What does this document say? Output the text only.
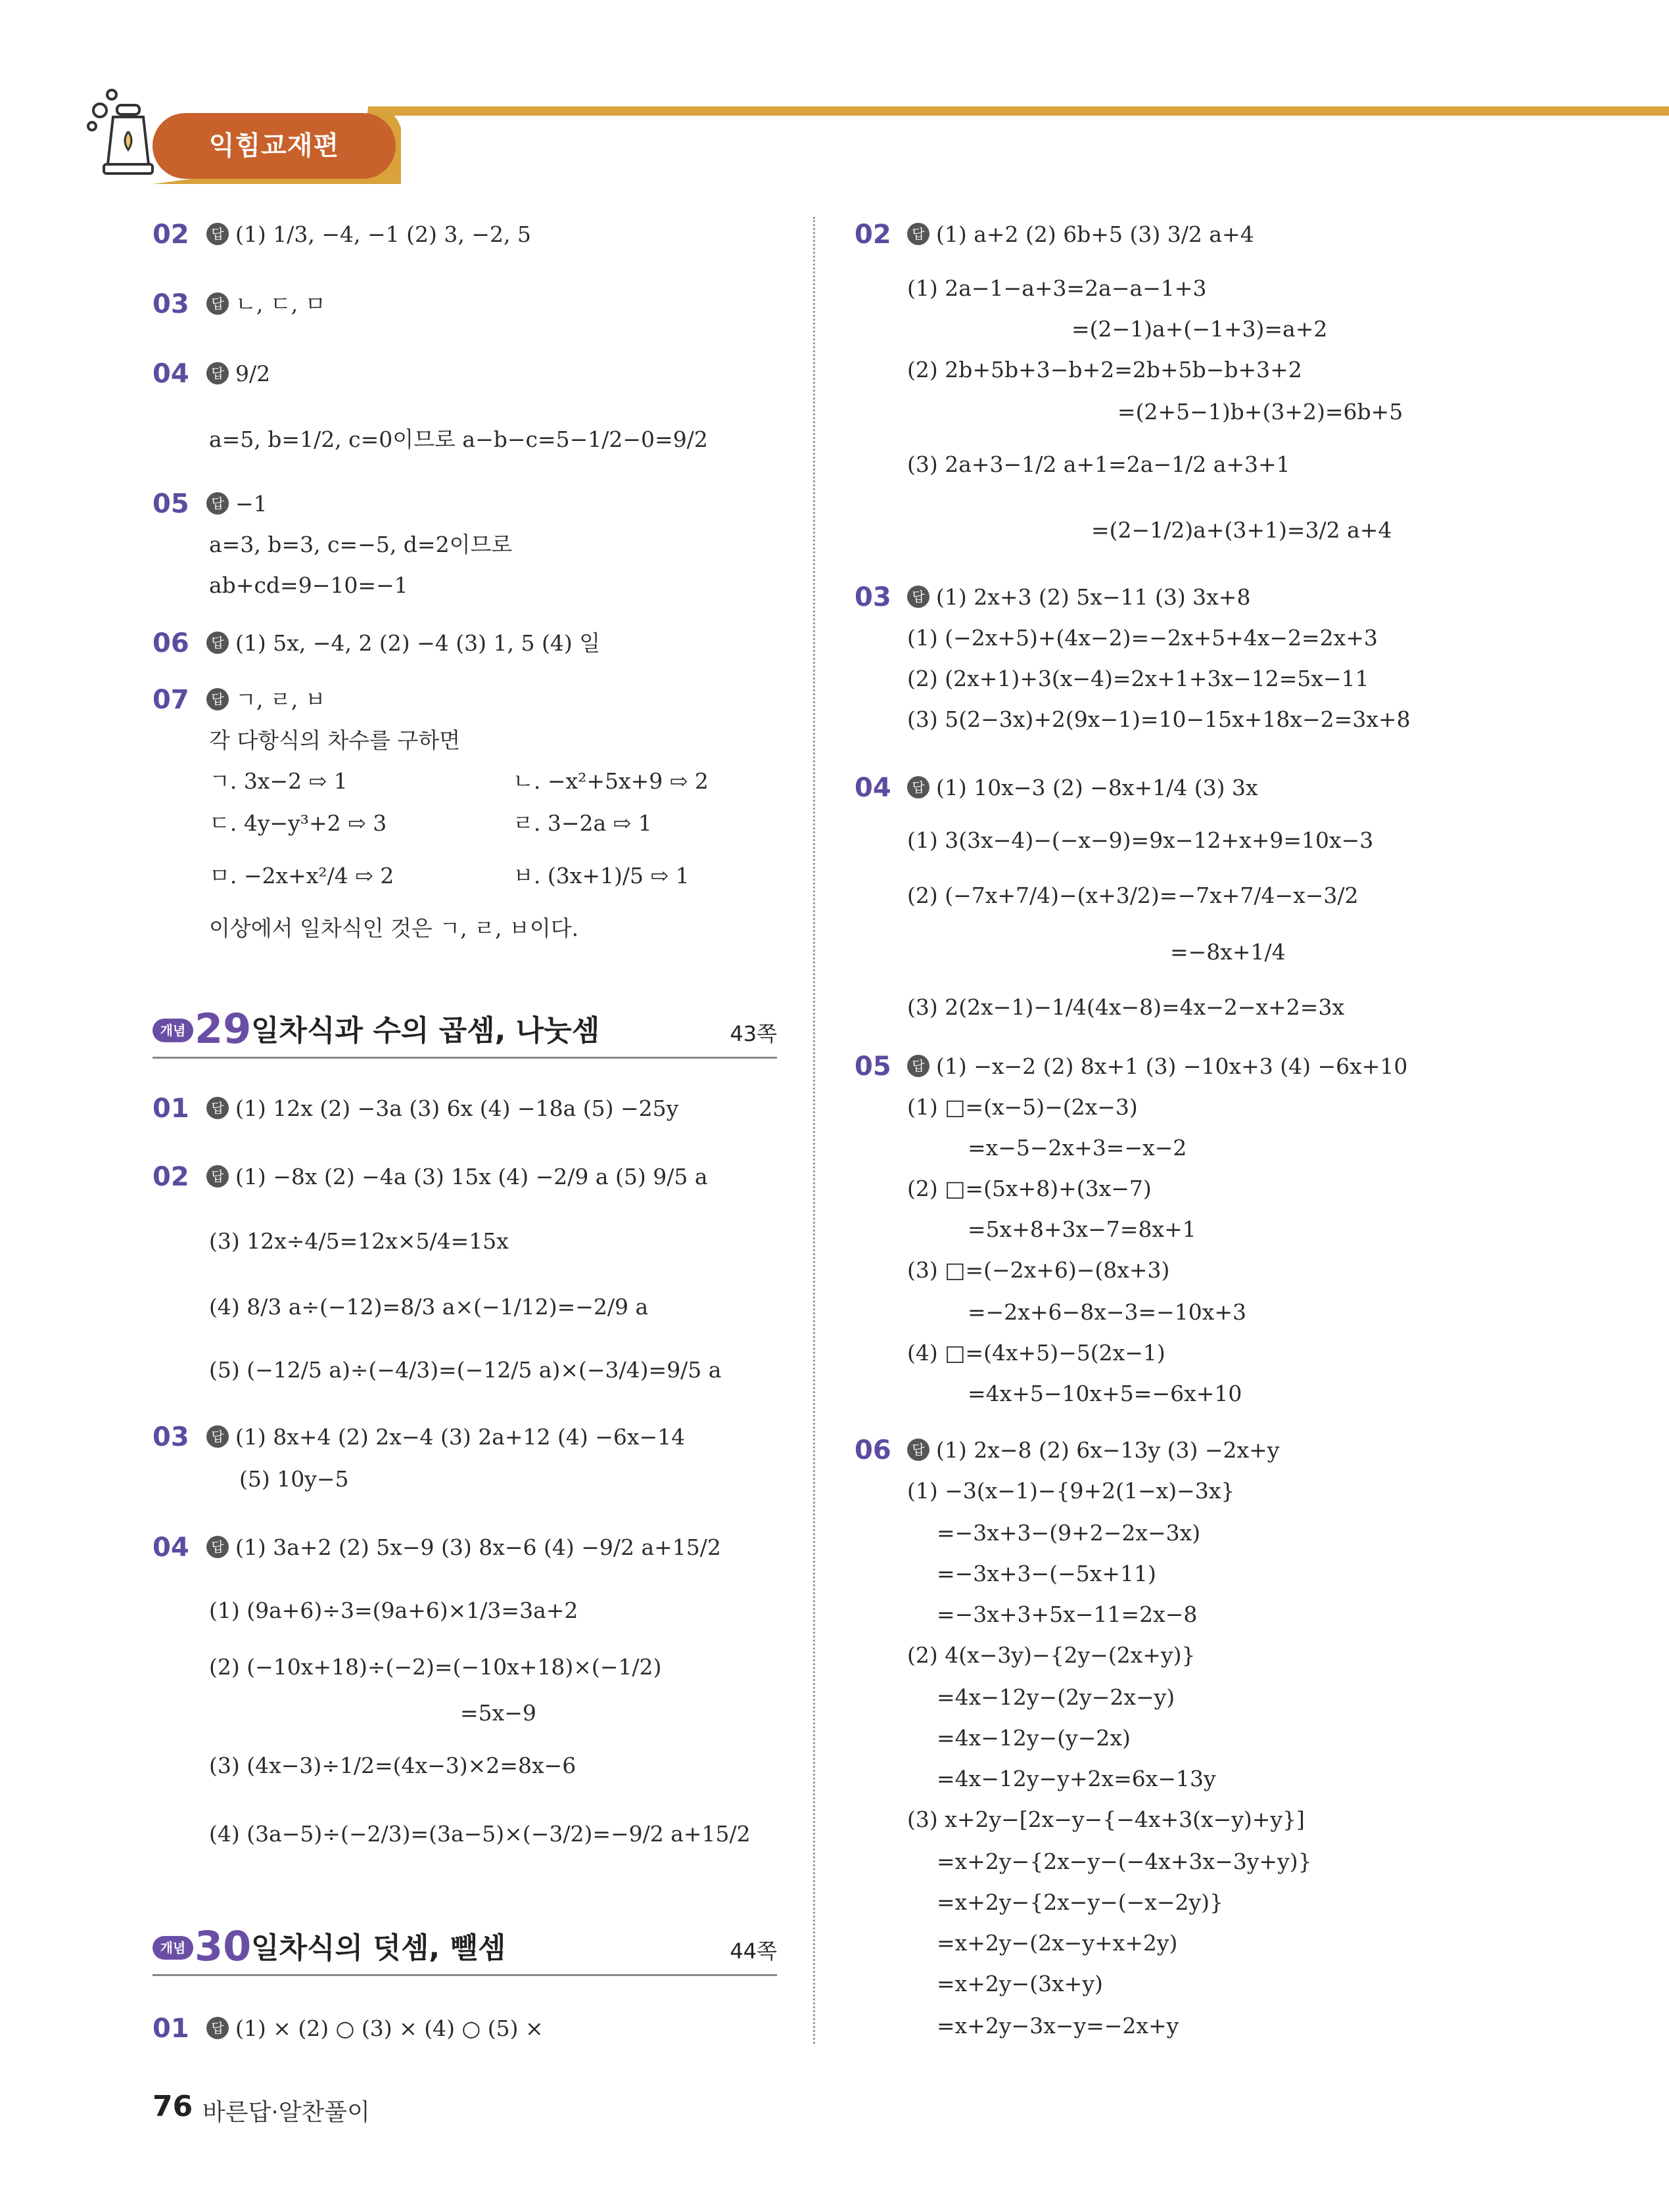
익힘교재편
02	답 (1) 1/3, −4, −1 (2) 3, −2, 5
03	답 ㄴ, ㄷ, ㅁ
04	답 9/2
a=5, b=1/2, c=0이므로 a−b−c=5−1/2−0=9/2
05	답 −1
a=3, b=3, c=−5, d=2이므로
ab+cd=9−10=−1
06	답 (1) 5x, −4, 2 (2) −4 (3) 1, 5 (4) 일
07	답 ㄱ, ㄹ, ㅂ
각 다항식의 차수를 구하면
ㄱ. 3x−2 ⇨ 1	ㄴ. −x²+5x+9 ⇨ 2
ㄷ. 4y−y³+2 ⇨ 3	ㄹ. 3−2a ⇨ 1
ㅁ. −2x+x²/4 ⇨ 2	ㅂ. (3x+1)/5 ⇨ 1
이상에서 일차식인 것은 ㄱ, ㄹ, ㅂ이다.
개념 29 일차식과 수의 곱셈, 나눗셈	43쪽
01	답 (1) 12x (2) −3a (3) 6x (4) −18a (5) −25y
02	답 (1) −8x (2) −4a (3) 15x (4) −2/9 a (5) 9/5 a
(3) 12x÷4/5=12x×5/4=15x
(4) 8/3 a÷(−12)=8/3 a×(−1/12)=−2/9 a
(5) (−12/5 a)÷(−4/3)=(−12/5 a)×(−3/4)=9/5 a
03	답 (1) 8x+4 (2) 2x−4 (3) 2a+12 (4) −6x−14
(5) 10y−5
04	답 (1) 3a+2 (2) 5x−9 (3) 8x−6 (4) −9/2 a+15/2
(1) (9a+6)÷3=(9a+6)×1/3=3a+2
(2) (−10x+18)÷(−2)=(−10x+18)×(−1/2)
=5x−9
(3) (4x−3)÷1/2=(4x−3)×2=8x−6
(4) (3a−5)÷(−2/3)=(3a−5)×(−3/2)=−9/2 a+15/2
개념 30 일차식의 덧셈, 뺄셈	44쪽
01	답 (1) × (2) ○ (3) × (4) ○ (5) ×
02	답 (1) a+2 (2) 6b+5 (3) 3/2 a+4
(1) 2a−1−a+3=2a−a−1+3
=(2−1)a+(−1+3)=a+2
(2) 2b+5b+3−b+2=2b+5b−b+3+2
=(2+5−1)b+(3+2)=6b+5
(3) 2a+3−1/2 a+1=2a−1/2 a+3+1
=(2−1/2)a+(3+1)=3/2 a+4
03	답 (1) 2x+3 (2) 5x−11 (3) 3x+8
(1) (−2x+5)+(4x−2)=−2x+5+4x−2=2x+3
(2) (2x+1)+3(x−4)=2x+1+3x−12=5x−11
(3) 5(2−3x)+2(9x−1)=10−15x+18x−2=3x+8
04	답 (1) 10x−3 (2) −8x+1/4 (3) 3x
(1) 3(3x−4)−(−x−9)=9x−12+x+9=10x−3
(2) (−7x+7/4)−(x+3/2)=−7x+7/4−x−3/2
=−8x+1/4
(3) 2(2x−1)−1/4(4x−8)=4x−2−x+2=3x
05	답 (1) −x−2 (2) 8x+1 (3) −10x+3 (4) −6x+10
(1) □=(x−5)−(2x−3)
=x−5−2x+3=−x−2
(2) □=(5x+8)+(3x−7)
=5x+8+3x−7=8x+1
(3) □=(−2x+6)−(8x+3)
=−2x+6−8x−3=−10x+3
(4) □=(4x+5)−5(2x−1)
=4x+5−10x+5=−6x+10
06	답 (1) 2x−8 (2) 6x−13y (3) −2x+y
(1) −3(x−1)−{9+2(1−x)−3x}
=−3x+3−(9+2−2x−3x)
=−3x+3−(−5x+11)
=−3x+3+5x−11=2x−8
(2) 4(x−3y)−{2y−(2x+y)}
=4x−12y−(2y−2x−y)
=4x−12y−(y−2x)
=4x−12y−y+2x=6x−13y
(3) x+2y−[2x−y−{−4x+3(x−y)+y}]
=x+2y−{2x−y−(−4x+3x−3y+y)}
=x+2y−{2x−y−(−x−2y)}
=x+2y−(2x−y+x+2y)
=x+2y−(3x+y)
=x+2y−3x−y=−2x+y
76 바른답·알찬풀이
